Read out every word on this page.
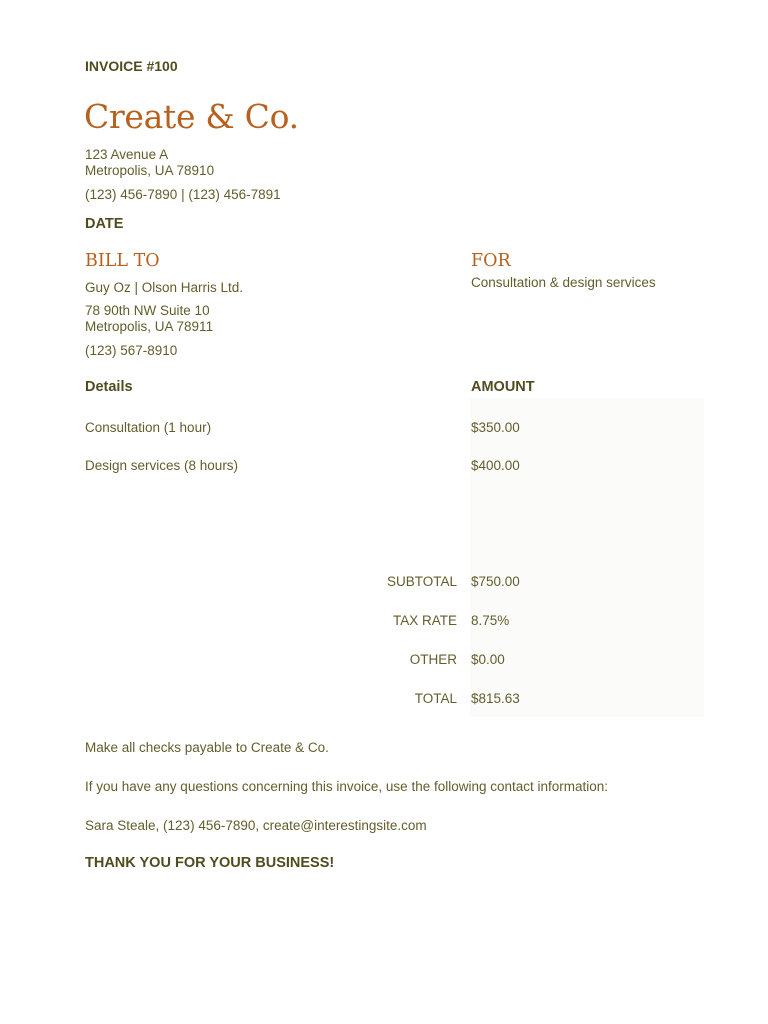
INVOICE #100
Create & Co.
123 Avenue A
Metropolis, UA 78910
(123) 456-7890 | (123) 456-7891
DATE
BILL TO
Guy Oz | Olson Harris Ltd.
78 90th NW Suite 10
Metropolis, UA 78911
(123) 567-8910
FOR
Consultation & design services
Details	AMOUNT
Consultation (1 hour)	$350.00
Design services (8 hours)	$400.00
SUBTOTAL $750.00
TAX RATE 8.75%
OTHER $0.00
TOTAL $815.63
Make all checks payable to Create & Co.
If you have any questions concerning this invoice, use the following contact information:
Sara Steale, (123) 456-7890, create@interestingsite.com
THANK YOU FOR YOUR BUSINESS!
